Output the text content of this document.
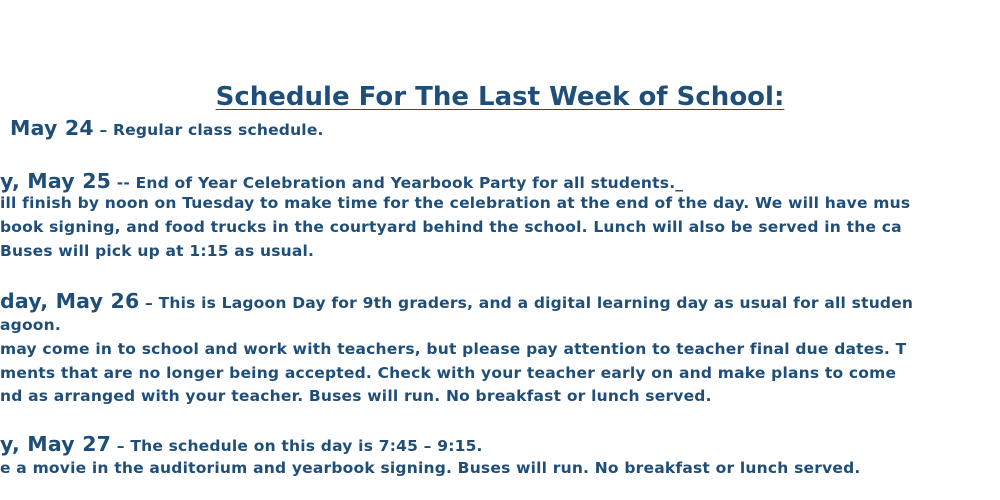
Schedule For The Last Week of School:
May 24 – Regular class schedule.
y, May 25 -- End of Year Celebration and Yearbook Party for all students._
ill finish by noon on Tuesday to make time for the celebration at the end of the day. We will have mus
book signing, and food trucks in the courtyard behind the school. Lunch will also be served in the ca
Buses will pick up at 1:15 as usual.
day, May 26 – This is Lagoon Day for 9th graders, and a digital learning day as usual for all studen
agoon.
may come in to school and work with teachers, but please pay attention to teacher final due dates. T
ments that are no longer being accepted. Check with your teacher early on and make plans to come
nd as arranged with your teacher. Buses will run. No breakfast or lunch served.
y, May 27 – The schedule on this day is 7:45 – 9:15.
e a movie in the auditorium and yearbook signing. Buses will run. No breakfast or lunch served.
